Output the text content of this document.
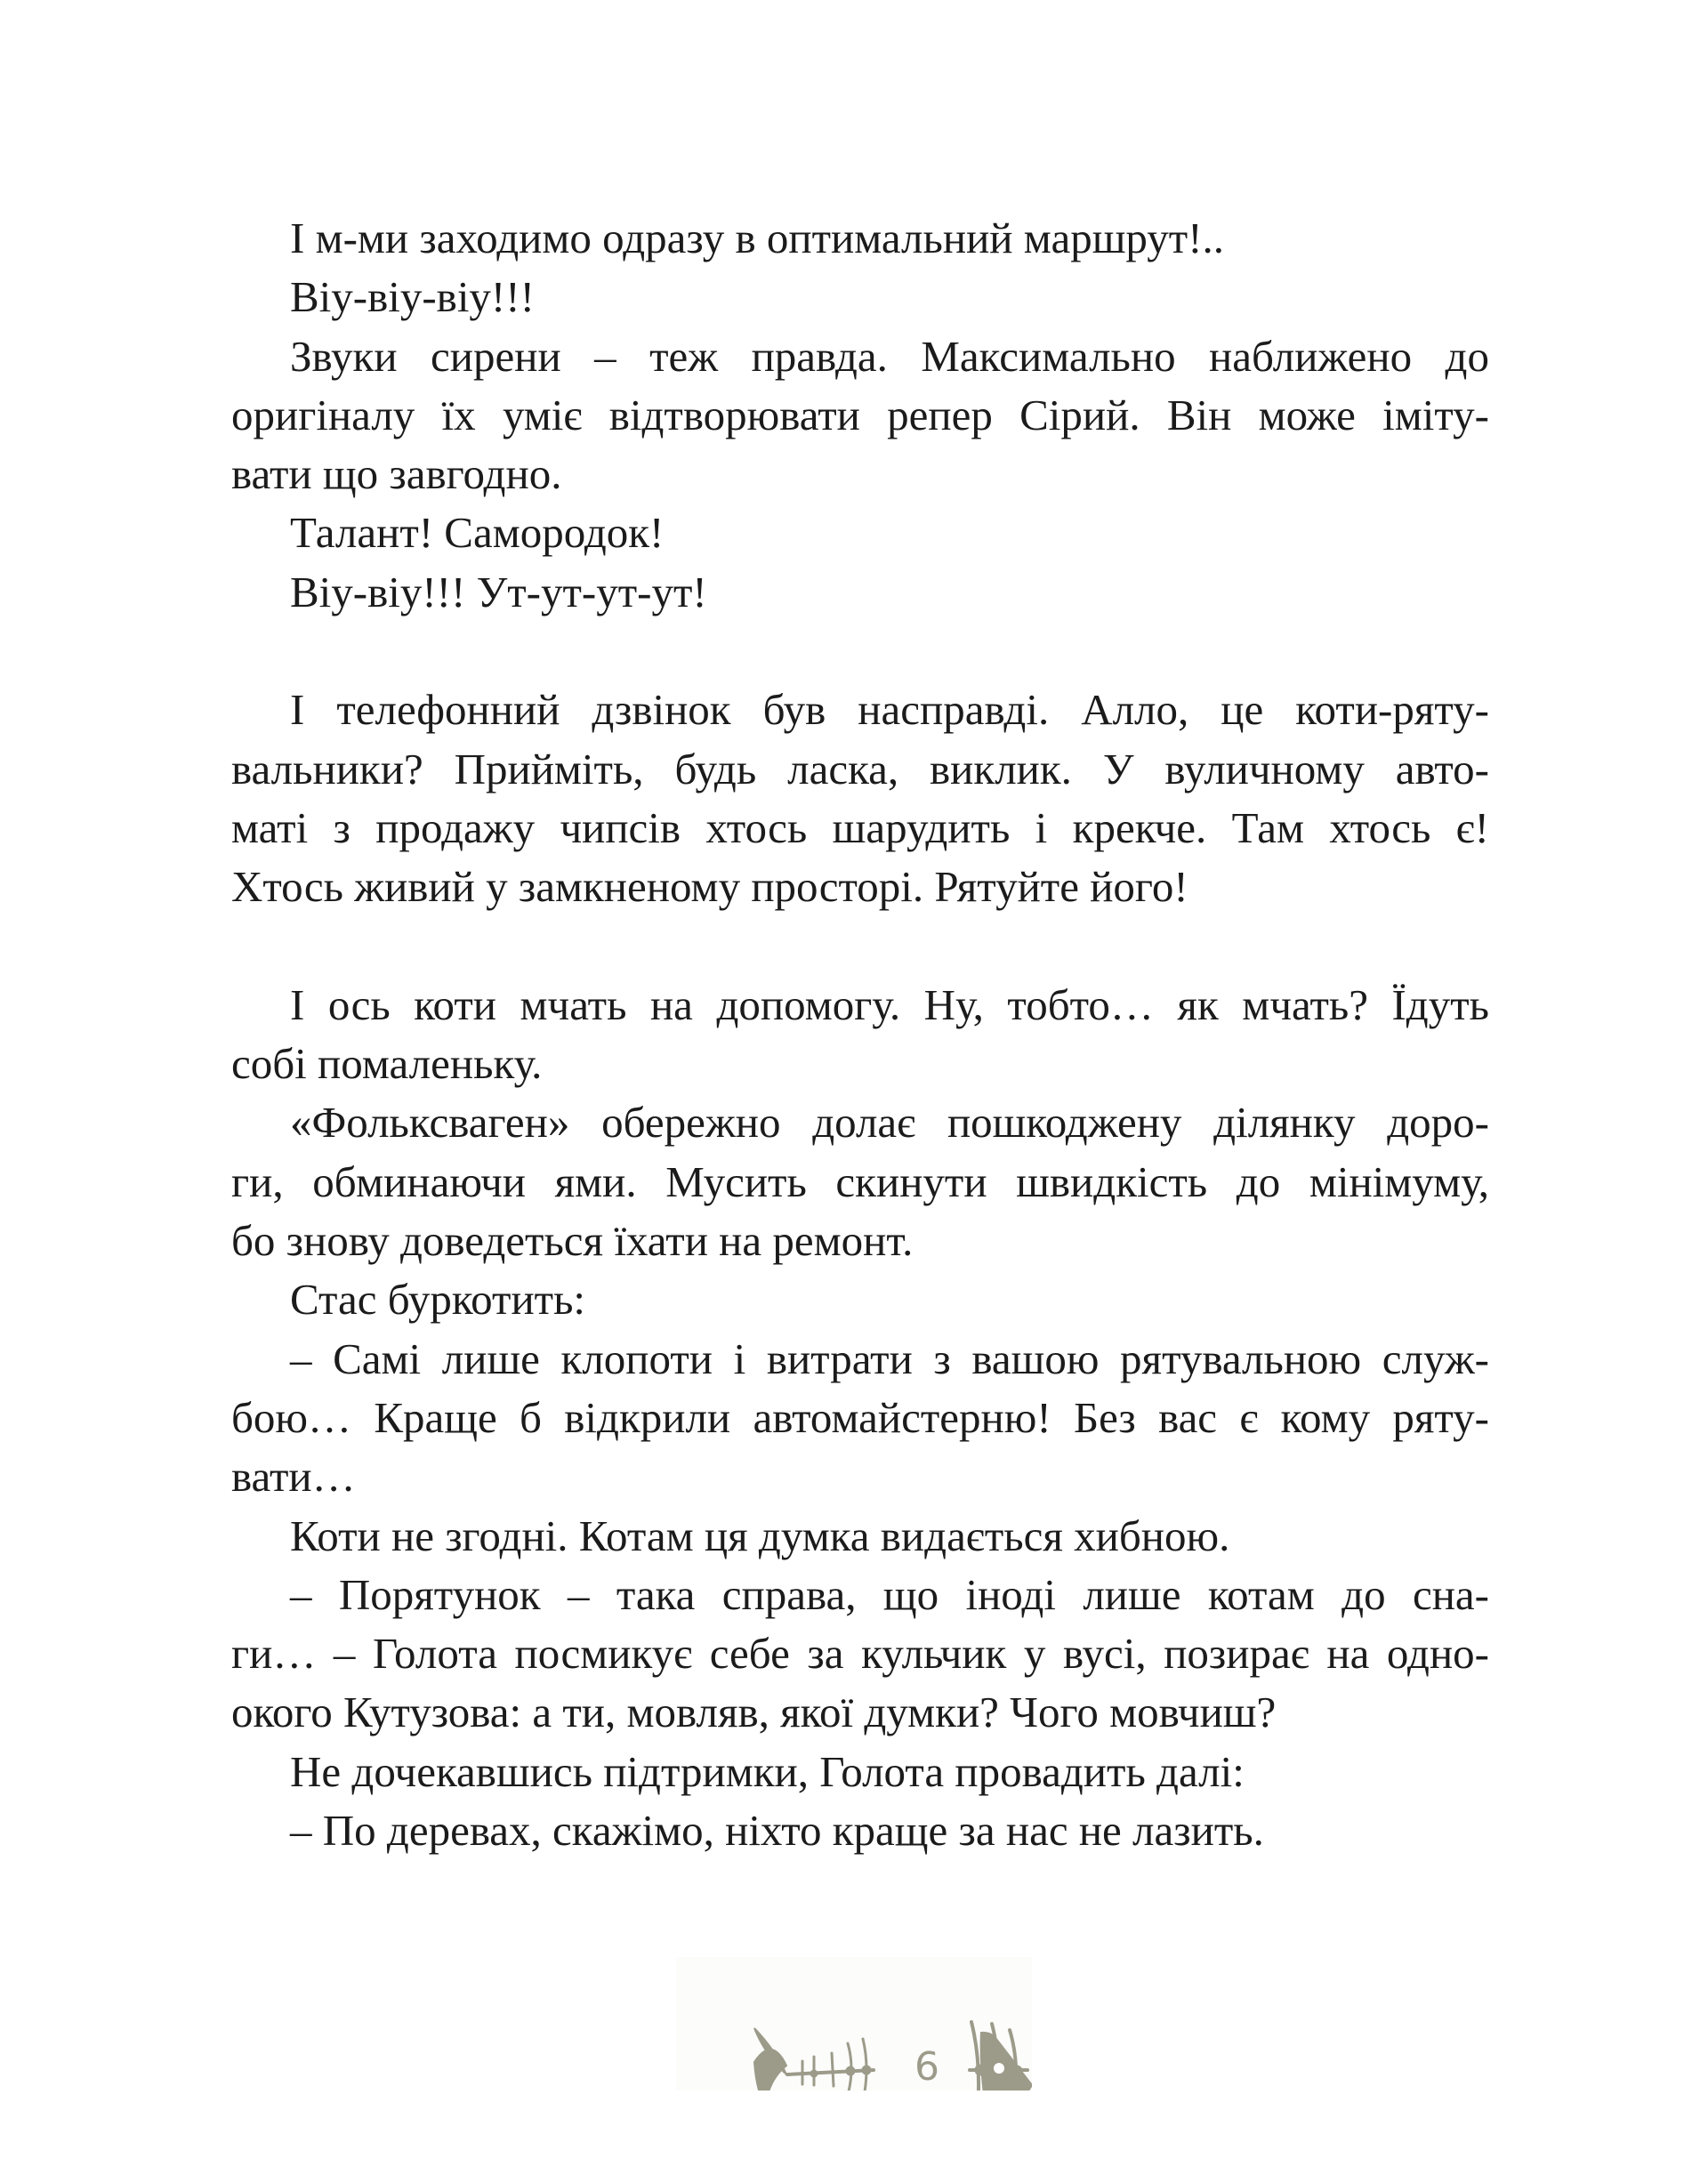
І м-ми заходимо одразу в оптимальний маршрут!..
Віу-віу-віу!!!
Звуки сирени – теж правда. Максимально наближено до
оригіналу їх уміє відтворювати репер Сірий. Він може іміту-
вати що завгодно.
Талант! Самородок!
Віу-віу!!! Ут-ут-ут-ут!
І телефонний дзвінок був насправді. Алло, це коти-ряту-
вальники? Прийміть, будь ласка, виклик. У вуличному авто-
маті з продажу чипсів хтось шарудить і крекче. Там хтось є!
Хтось живий у замкненому просторі. Рятуйте його!
І ось коти мчать на допомогу. Ну, тобто… як мчать? Їдуть
собі помаленьку.
«Фольксваген» обережно долає пошкоджену ділянку доро-
ги, обминаючи ями. Мусить скинути швидкість до мінімуму,
бо знову доведеться їхати на ремонт.
Стас буркотить:
– Самі лише клопоти і витрати з вашою рятувальною служ-
бою… Краще б відкрили автомайстерню! Без вас є кому ряту-
вати…
Коти не згодні. Котам ця думка видається хибною.
– Порятунок – така справа, що іноді лише котам до сна-
ги… – Голота посмикує себе за кульчик у вусі, позирає на одно-
окого Кутузова: а ти, мовляв, якої думки? Чого мовчиш?
Не дочекавшись підтримки, Голота провадить далі:
– По деревах, скажімо, ніхто краще за нас не лазить.
6
